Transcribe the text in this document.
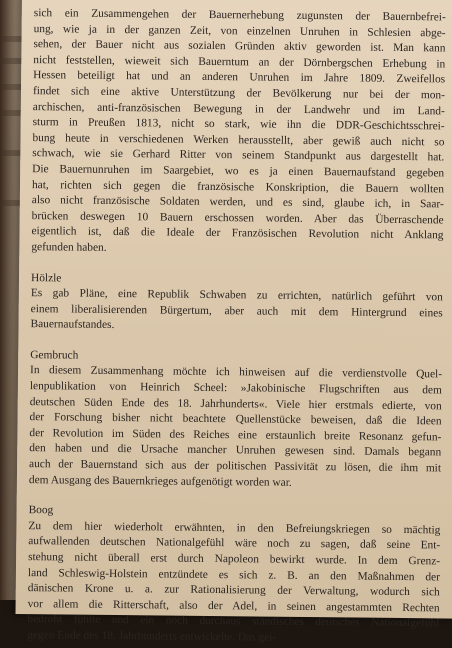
sich ein Zusammengehen der Bauernerhebung zugunsten der Bauernbefrei-
ung, wie ja in der ganzen Zeit, von einzelnen Unruhen in Schlesien abge-
sehen, der Bauer nicht aus sozialen Gründen aktiv geworden ist. Man kann
nicht feststellen, wieweit sich Bauerntum an der Dörnbergschen Erhebung in
Hessen beteiligt hat und an anderen Unruhen im Jahre 1809. Zweifellos
findet sich eine aktive Unterstützung der Bevölkerung nur bei der mon-
archischen, anti-französischen Bewegung in der Landwehr und im Land-
sturm in Preußen 1813, nicht so stark, wie ihn die DDR-Geschichtsschrei-
bung heute in verschiedenen Werken herausstellt, aber gewiß auch nicht so
schwach, wie sie Gerhard Ritter von seinem Standpunkt aus dargestellt hat.
Die Bauernunruhen im Saargebiet, wo es ja einen Bauernaufstand gegeben
hat, richten sich gegen die französische Konskription, die Bauern wollten
also nicht französische Soldaten werden, und es sind, glaube ich, in Saar-
brücken deswegen 10 Bauern erschossen worden. Aber das Überraschende
eigentlich ist, daß die Ideale der Französischen Revolution nicht Anklang
gefunden haben.
Hölzle
Es gab Pläne, eine Republik Schwaben zu errichten, natürlich geführt von
einem liberalisierenden Bürgertum, aber auch mit dem Hintergrund eines
Bauernaufstandes.
Gembruch
In diesem Zusammenhang möchte ich hinweisen auf die verdienstvolle Quel-
lenpublikation von Heinrich Scheel: »Jakobinische Flugschriften aus dem
deutschen Süden Ende des 18. Jahrhunderts«. Viele hier erstmals edierte, von
der Forschung bisher nicht beachtete Quellenstücke beweisen, daß die Ideen
der Revolution im Süden des Reiches eine erstaunlich breite Resonanz gefun-
den haben und die Ursache mancher Unruhen gewesen sind. Damals begann
auch der Bauernstand sich aus der politischen Passivität zu lösen, die ihm mit
dem Ausgang des Bauernkrieges aufgenötigt worden war.
Boog
Zu dem hier wiederholt erwähnten, in den Befreiungskriegen so mächtig
aufwallenden deutschen Nationalgefühl wäre noch zu sagen, daß seine Ent-
stehung nicht überall erst durch Napoleon bewirkt wurde. In dem Grenz-
land Schleswig-Holstein entzündete es sich z. B. an den Maßnahmen der
dänischen Krone u. a. zur Rationalisierung der Verwaltung, wodurch sich
vor allem die Ritterschaft, also der Adel, in seinen angestammten Rechten
bedroht fühlte und ein noch durchaus ständisches deutsches Nationalgefühl
gegen Ende des 18. Jahrhunderts entwickelte. Das gei-
